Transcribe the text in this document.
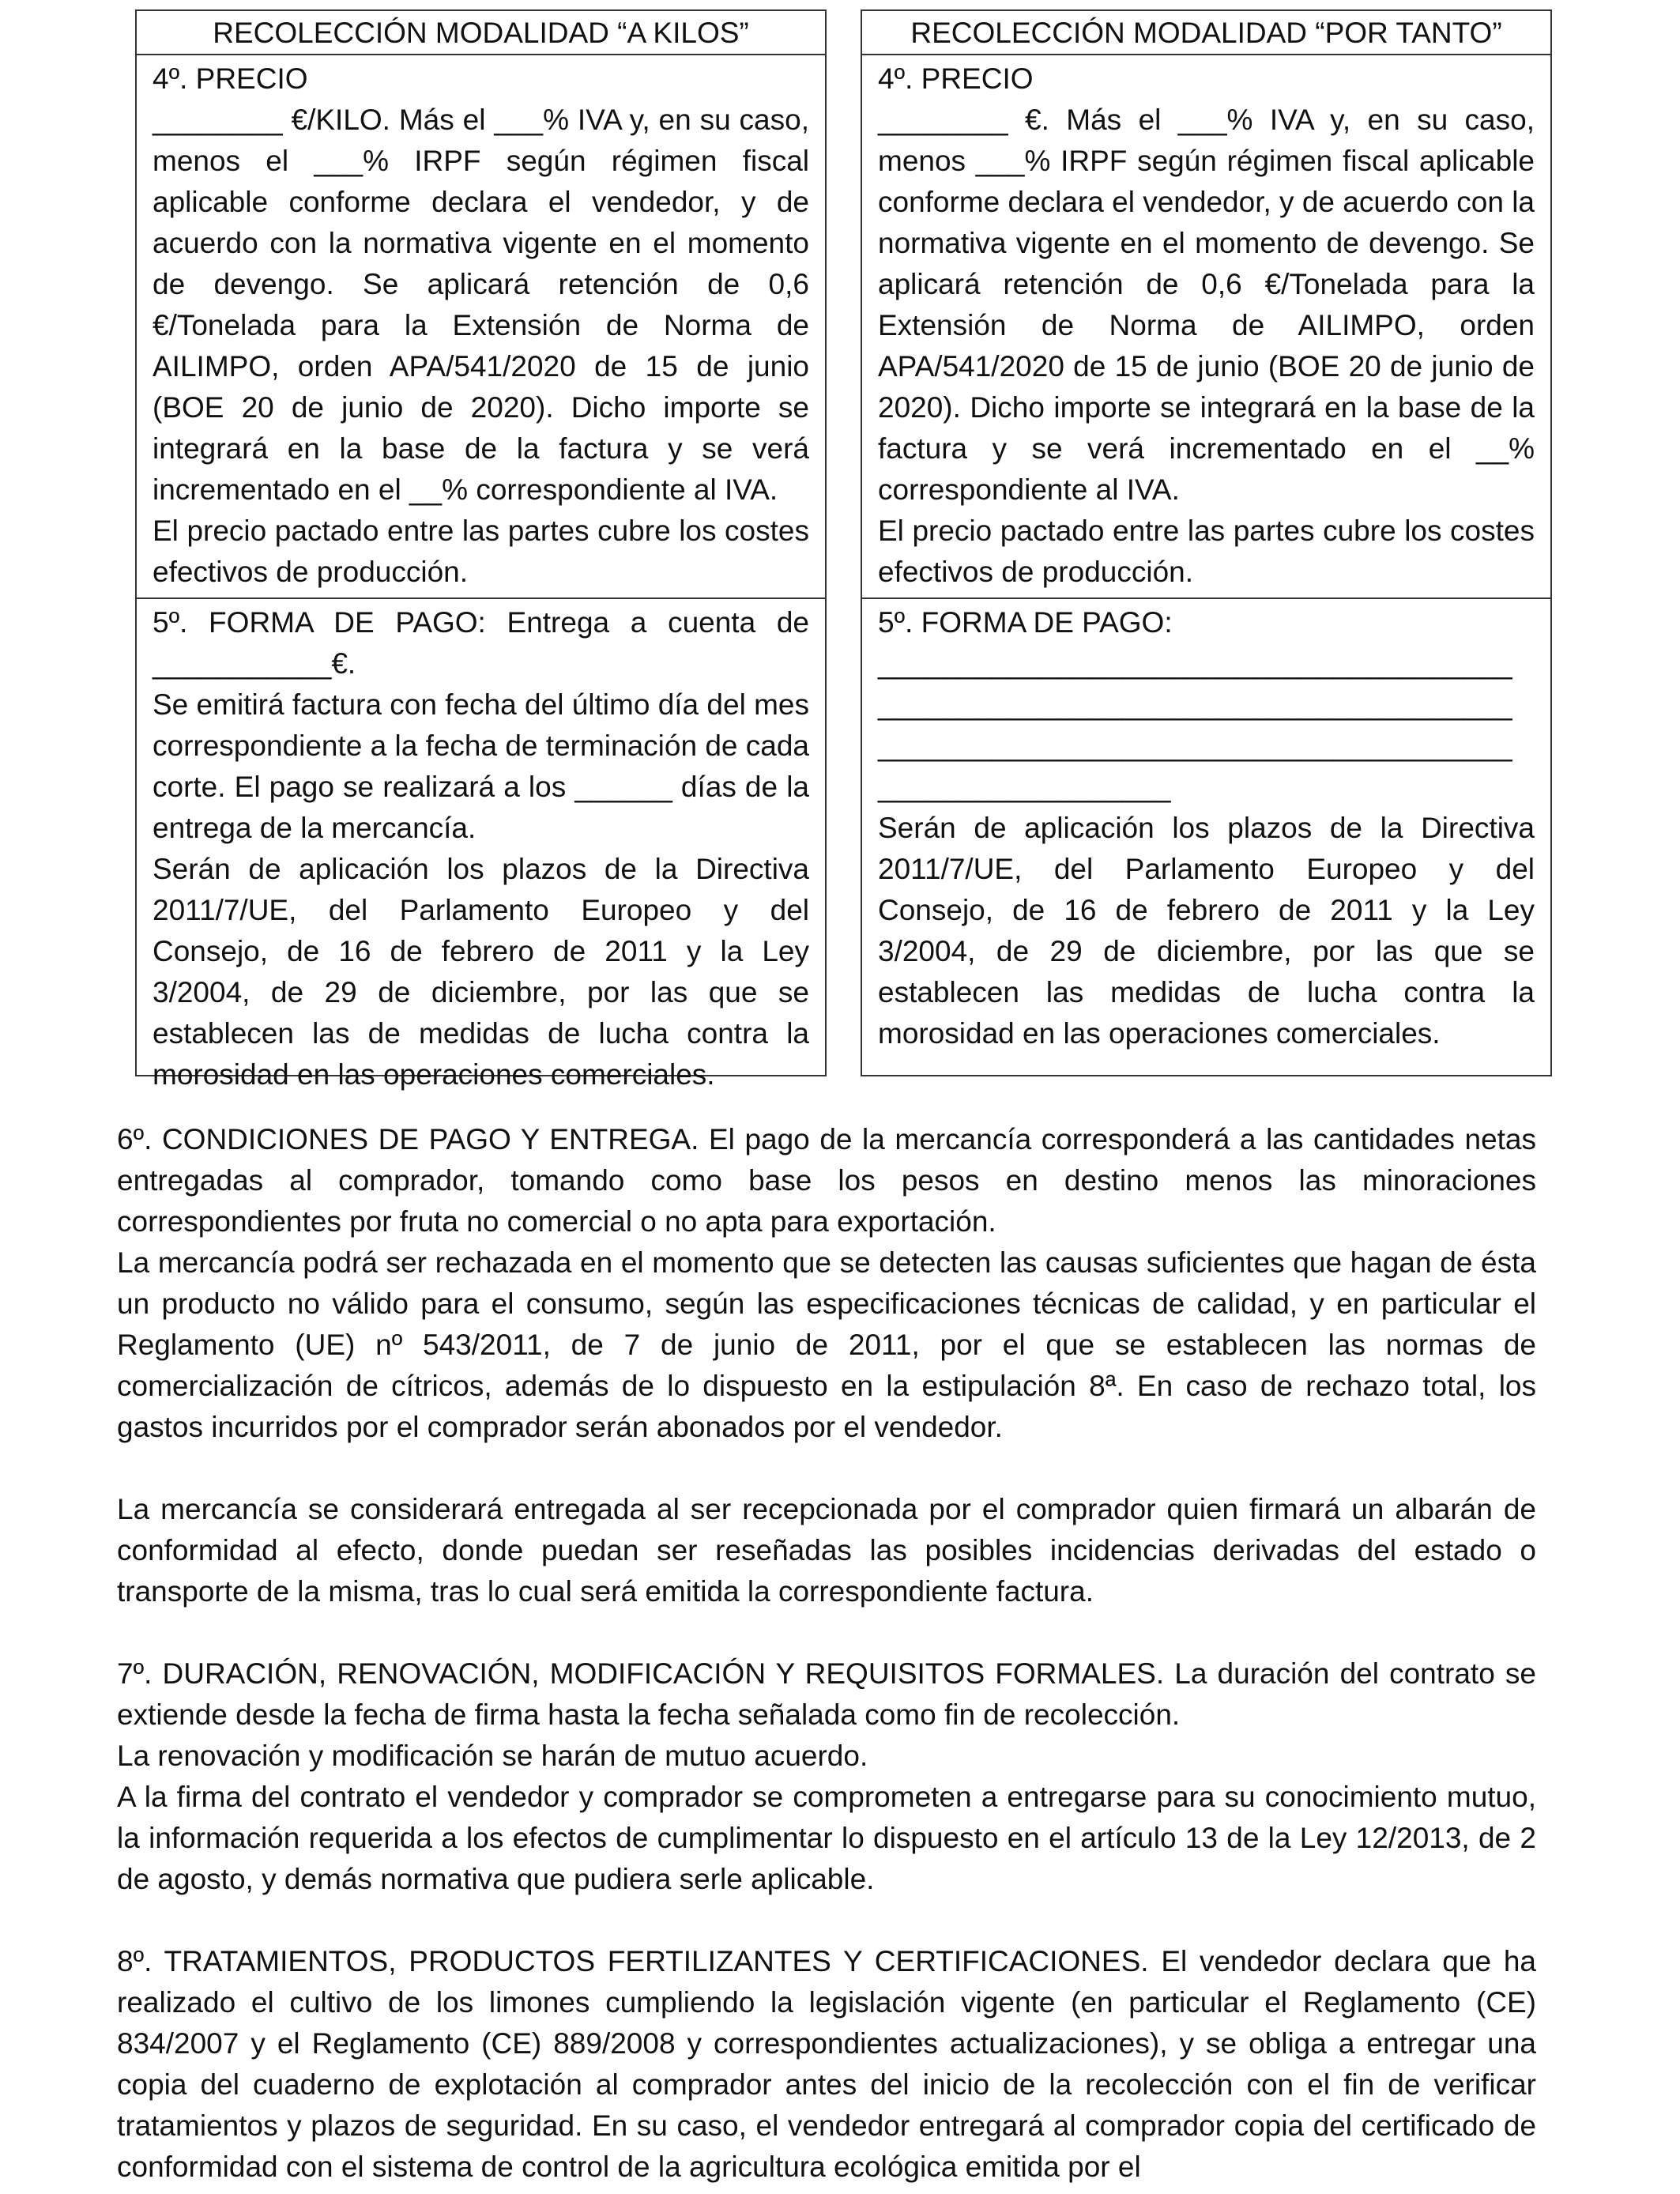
RECOLECCIÓN MODALIDAD “A KILOS”

4º. PRECIO

________ €/KILO. Más el ___% IVA y, en su caso, menos el ___% IRPF según régimen fiscal aplicable conforme declara el vendedor, y de acuerdo con la normativa vigente en el momento de devengo. Se aplicará retención de 0,6 €/Tonelada para la Extensión de Norma de AILIMPO, orden APA/541/2020 de 15 de junio (BOE 20 de junio de 2020). Dicho importe se integrará en la base de la factura y se verá incrementado en el __% correspondiente al IVA.

El precio pactado entre las partes cubre los costes efectivos de producción.

5º. FORMA DE PAGO: Entrega a cuenta de ___________€.

Se emitirá factura con fecha del último día del mes correspondiente a la fecha de terminación de cada corte. El pago se realizará a los ______ días de la entrega de la mercancía.

Serán de aplicación los plazos de la Directiva 2011/7/UE, del Parlamento Europeo y del Consejo, de 16 de febrero de 2011 y la Ley 3/2004, de 29 de diciembre, por las que se establecen las de medidas de lucha contra la morosidad en las operaciones comerciales.

RECOLECCIÓN MODALIDAD “POR TANTO”

4º. PRECIO

________ €. Más el ___% IVA y, en su caso, menos ___% IRPF según régimen fiscal aplicable conforme declara el vendedor, y de acuerdo con la normativa vigente en el momento de devengo. Se aplicará retención de 0,6 €/Tonelada para la Extensión de Norma de AILIMPO, orden APA/541/2020 de 15 de junio (BOE 20 de junio de 2020). Dicho importe se integrará en la base de la factura y se verá incrementado en el __% correspondiente al IVA.

El precio pactado entre las partes cubre los costes efectivos de producción.

5º. FORMA DE PAGO:

_______________________________________

_______________________________________

_______________________________________

__________________

Serán de aplicación los plazos de la Directiva 2011/7/UE, del Parlamento Europeo y del Consejo, de 16 de febrero de 2011 y la Ley 3/2004, de 29 de diciembre, por las que se establecen las medidas de lucha contra la morosidad en las operaciones comerciales.

6º. CONDICIONES DE PAGO Y ENTREGA. El pago de la mercancía corresponderá a las cantidades netas entregadas al comprador, tomando como base los pesos en destino menos las minoraciones correspondientes por fruta no comercial o no apta para exportación.

La mercancía podrá ser rechazada en el momento que se detecten las causas suficientes que hagan de ésta un producto no válido para el consumo, según las especificaciones técnicas de calidad, y en particular el Reglamento (UE) nº 543/2011, de 7 de junio de 2011, por el que se establecen las normas de comercialización de cítricos, además de lo dispuesto en la estipulación 8ª. En caso de rechazo total, los gastos incurridos por el comprador serán abonados por el vendedor.

La mercancía se considerará entregada al ser recepcionada por el comprador quien firmará un albarán de conformidad al efecto, donde puedan ser reseñadas las posibles incidencias derivadas del estado o transporte de la misma, tras lo cual será emitida la correspondiente factura.

7º. DURACIÓN, RENOVACIÓN, MODIFICACIÓN Y REQUISITOS FORMALES. La duración del contrato se extiende desde la fecha de firma hasta la fecha señalada como fin de recolección.

La renovación y modificación se harán de mutuo acuerdo.

A la firma del contrato el vendedor y comprador se comprometen a entregarse para su conocimiento mutuo, la información requerida a los efectos de cumplimentar lo dispuesto en el artículo 13 de la Ley 12/2013, de 2 de agosto, y demás normativa que pudiera serle aplicable.

8º. TRATAMIENTOS, PRODUCTOS FERTILIZANTES Y CERTIFICACIONES. El vendedor declara que ha realizado el cultivo de los limones cumpliendo la legislación vigente (en particular el Reglamento (CE) 834/2007 y el Reglamento (CE) 889/2008 y correspondientes actualizaciones), y se obliga a entregar una copia del cuaderno de explotación al comprador antes del inicio de la recolección con el fin de verificar tratamientos y plazos de seguridad. En su caso, el vendedor entregará al comprador copia del certificado de conformidad con el sistema de control de la agricultura ecológica emitida por el
